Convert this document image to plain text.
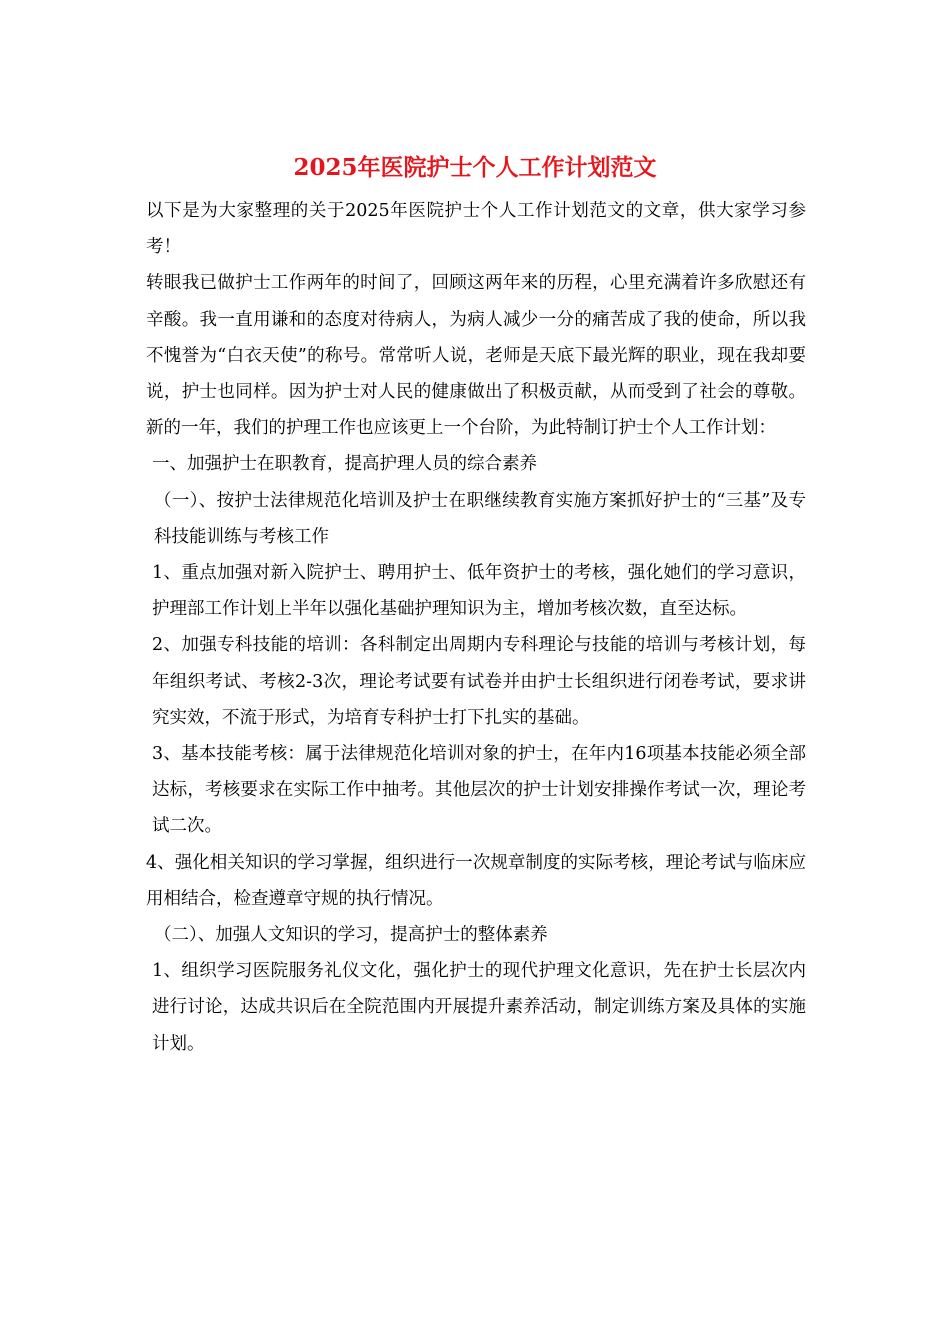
2025年医院护士个人工作计划范文

以下是为大家整理的关于2025年医院护士个人工作计划范文的文章，供大家学习参考！

转眼我已做护士工作两年的时间了，回顾这两年来的历程，心里充满着许多欣慰还有辛酸。我一直用谦和的态度对待病人，为病人减少一分的痛苦成了我的使命，所以我不愧誉为“白衣天使”的称号。常常听人说，老师是天底下最光辉的职业，现在我却要说，护士也同样。因为护士对人民的健康做出了积极贡献，从而受到了社会的尊敬。新的一年，我们的护理工作也应该更上一个台阶，为此特制订护士个人工作计划：

一、加强护士在职教育，提高护理人员的综合素养

（一）、按护士法律规范化培训及护士在职继续教育实施方案抓好护士的“三基”及专科技能训练与考核工作

1、重点加强对新入院护士、聘用护士、低年资护士的考核，强化她们的学习意识，护理部工作计划上半年以强化基础护理知识为主，增加考核次数，直至达标。

2、加强专科技能的培训：各科制定出周期内专科理论与技能的培训与考核计划，每年组织考试、考核2-3次，理论考试要有试卷并由护士长组织进行闭卷考试，要求讲究实效，不流于形式，为培育专科护士打下扎实的基础。

3、基本技能考核：属于法律规范化培训对象的护士，在年内16项基本技能必须全部达标，考核要求在实际工作中抽考。其他层次的护士计划安排操作考试一次，理论考试二次。

4、强化相关知识的学习掌握，组织进行一次规章制度的实际考核，理论考试与临床应用相结合，检查遵章守规的执行情况。

（二）、加强人文知识的学习，提高护士的整体素养

1、组织学习医院服务礼仪文化，强化护士的现代护理文化意识，先在护士长层次内进行讨论，达成共识后在全院范围内开展提升素养活动，制定训练方案及具体的实施计划。
